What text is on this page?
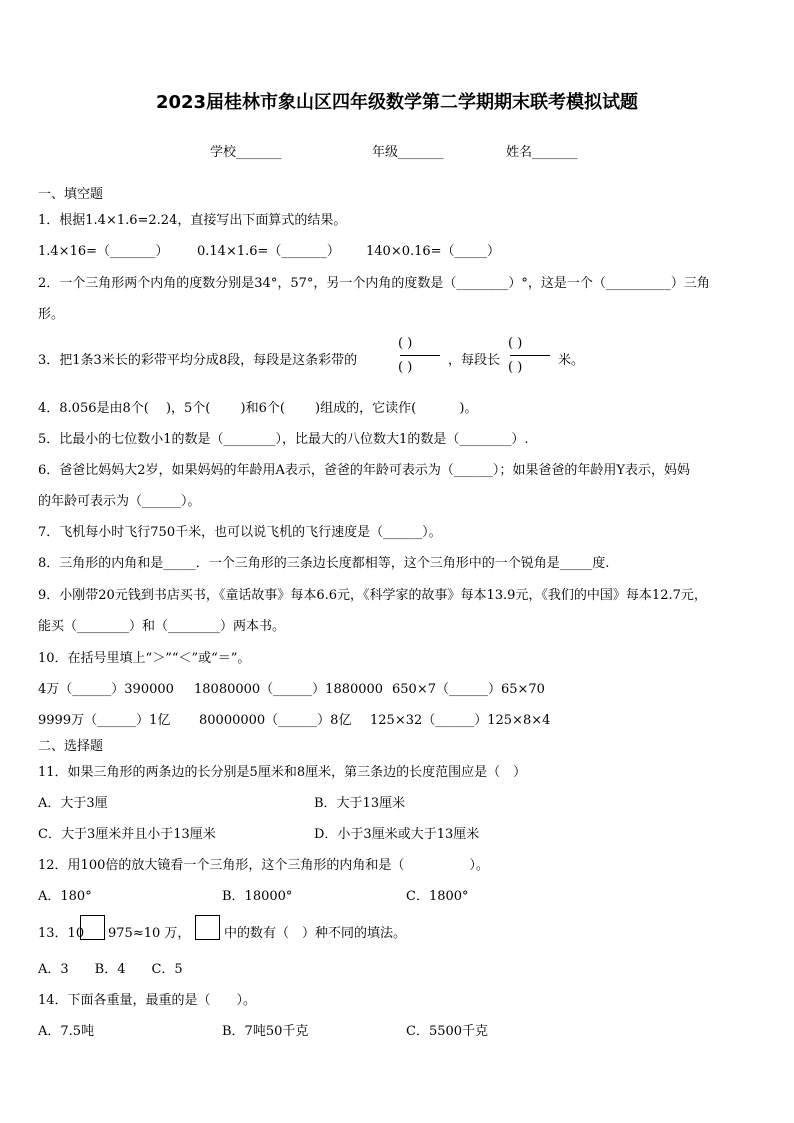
2023届桂林市象山区四年级数学第二学期期末联考模拟试题
学校_______	年级_______	姓名_______
一、填空题
1．根据1.4×1.6=2.24，直接写出下面算式的结果。
1.4×16=（_______） 0.14×1.6=（_______） 140×0.16=（_____）
2．一个三角形两个内角的度数分别是34°，57°，另一个内角的度数是（________）°，这是一个（__________）三角
形。
3．把1条3米长的彩带平均分成8段，每段是这条彩带的
( )
( )	，每段长
( )
( )	米。
4．8.056是由8个(　 )，5个(　 　)和6个(　 　)组成的，它读作(　　　 )。
5．比最小的七位数小1的数是（________），比最大的八位数大1的数是（________）.
6．爸爸比妈妈大2岁，如果妈妈的年龄用A表示，爸爸的年龄可表示为（______）；如果爸爸的年龄用Y表示，妈妈
的年龄可表示为（______）。
7．飞机每小时飞行750千米，也可以说飞机的飞行速度是（______）。
8．三角形的内角和是_____．一个三角形的三条边长度都相等，这个三角形中的一个锐角是_____度.
9．小刚带20元钱到书店买书，《童话故事》每本6.6元，《科学家的故事》每本13.9元，《我们的中国》每本12.7元，
能买（________）和（________）两本书。
10．在括号里填上“＞”“＜”或“＝”。
4万（______）390000 18080000（______）1880000 650×7（______）65×70
9999万（______）1亿 80000000（______）8亿 125×32（______）125×8×4
二、选择题
11．如果三角形的两条边的长分别是5厘米和8厘米，第三条边的长度范围应是（　）
A．大于3厘	B．大于13厘米
C．大于3厘米并且小于13厘米	D．小于3厘米或大于13厘米
12．用100倍的放大镜看一个三角形，这个三角形的内角和是（　　　　　）。
A．180°	B．18000°	C．1800°
13．10 975≈10 万，	中的数有（　）种不同的填法。
A．3　　B．4　　C．5
14．下面各重量，最重的是（　　）。
A．7.5吨	B．7吨50千克	C．5500千克
